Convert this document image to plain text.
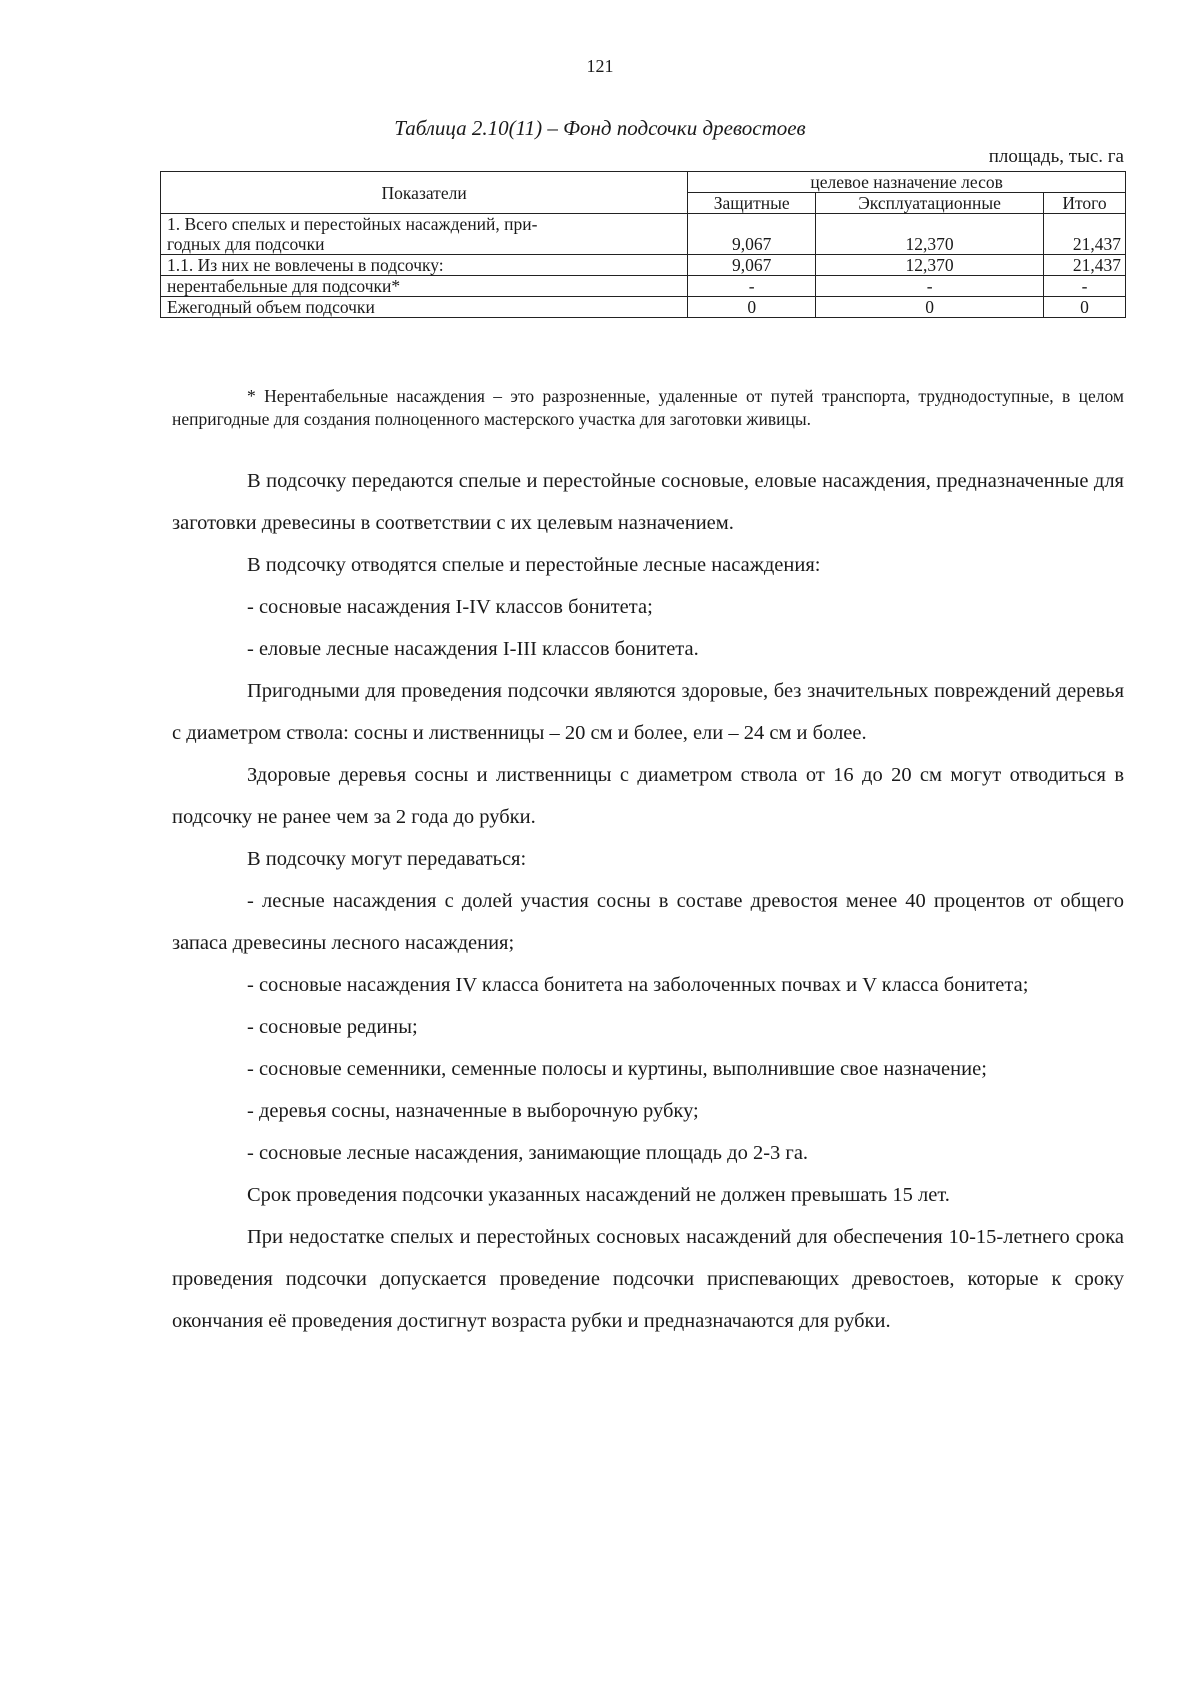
121
Таблица 2.10(11) – Фонд подсочки древостоев
площадь, тыс. га
Показатели	целевое назначение лесов		
	Защитные	Эксплуатационные	Итого
1. Всего спелых и перестойных насаждений, при-
годных для подсочки	9,067	12,370	21,437
1.1. Из них не вовлечены в подсочку:	9,067	12,370	21,437
нерентабельные для подсочки*	-	-	-
Ежегодный объем подсочки	0	0	0
* Нерентабельные насаждения – это разрозненные, удаленные от путей транспорта, труднодоступные, в целом непригодные для создания полноценного мастерского участка для заготовки живицы.

В подсочку передаются спелые и перестойные сосновые, еловые насаждения, предназначенные для заготовки древесины в соответствии с их целевым назначением.

В подсочку отводятся спелые и перестойные лесные насаждения:

- сосновые насаждения I-IV классов бонитета;

- еловые лесные насаждения I-III классов бонитета.

Пригодными для проведения подсочки являются здоровые, без значительных повреждений деревья с диаметром ствола: сосны и лиственницы – 20 см и более, ели – 24 см и более.

Здоровые деревья сосны и лиственницы с диаметром ствола от 16 до 20 см могут отводиться в подсочку не ранее чем за 2 года до рубки.

В подсочку могут передаваться:

- лесные насаждения с долей участия сосны в составе древостоя менее 40 процентов от общего запаса древесины лесного насаждения;

- сосновые насаждения IV класса бонитета на заболоченных почвах и V класса бонитета;

- сосновые редины;

- сосновые семенники, семенные полосы и куртины, выполнившие свое назначение;

- деревья сосны, назначенные в выборочную рубку;

- сосновые лесные насаждения, занимающие площадь до 2-3 га.

Срок проведения подсочки указанных насаждений не должен превышать 15 лет.

При недостатке спелых и перестойных сосновых насаждений для обеспечения 10-15-летнего срока проведения подсочки допускается проведение подсочки приспевающих древостоев, которые к сроку окончания её проведения достигнут возраста рубки и предназначаются для рубки.
